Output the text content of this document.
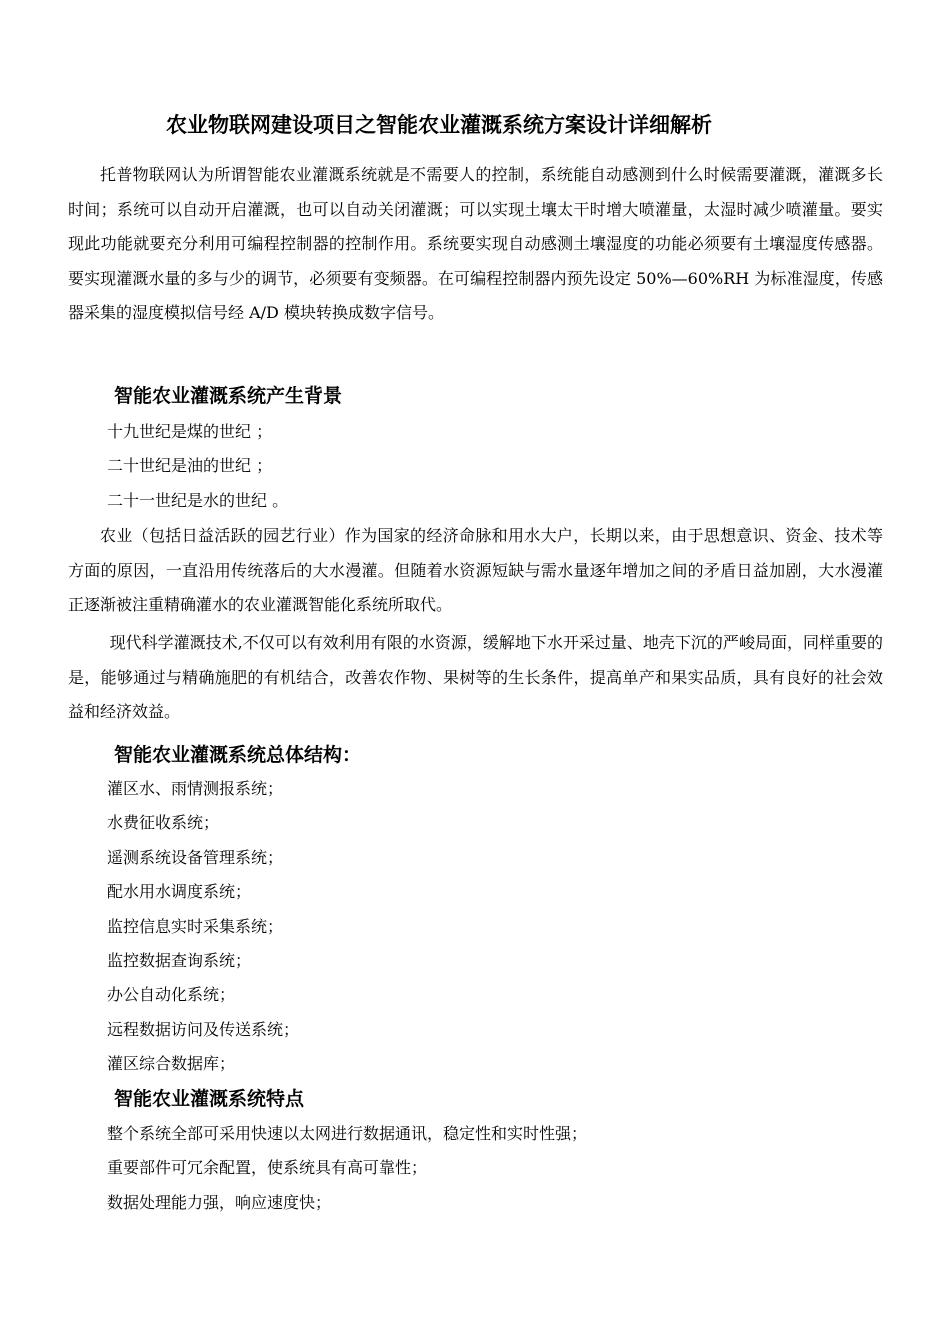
农业物联网建设项目之智能农业灌溉系统方案设计详细解析
托普物联网认为所谓智能农业灌溉系统就是不需要人的控制，系统能自动感测到什么时候需要灌溉，灌溉多长时间；系统可以自动开启灌溉，也可以自动关闭灌溉；可以实现土壤太干时增大喷灌量，太湿时减少喷灌量。要实现此功能就要充分利用可编程控制器的控制作用。系统要实现自动感测土壤湿度的功能必须要有土壤湿度传感器。要实现灌溉水量的多与少的调节，必须要有变频器。在可编程控制器内预先设定 50%—60%RH 为标准湿度，传感器采集的湿度模拟信号经 A/D 模块转换成数字信号。
智能农业灌溉系统产生背景
十九世纪是煤的世纪 ；
二十世纪是油的世纪 ；
二十一世纪是水的世纪 。
农业（包括日益活跃的园艺行业）作为国家的经济命脉和用水大户，长期以来，由于思想意识、资金、技术等方面的原因，一直沿用传统落后的大水漫灌。但随着水资源短缺与需水量逐年增加之间的矛盾日益加剧，大水漫灌正逐渐被注重精确灌水的农业灌溉智能化系统所取代。
现代科学灌溉技术,不仅可以有效利用有限的水资源，缓解地下水开采过量、地壳下沉的严峻局面，同样重要的是，能够通过与精确施肥的有机结合，改善农作物、果树等的生长条件，提高单产和果实品质，具有良好的社会效益和经济效益。
智能农业灌溉系统总体结构：
灌区水、雨情测报系统；
水费征收系统；
遥测系统设备管理系统；
配水用水调度系统；
监控信息实时采集系统；
监控数据查询系统；
办公自动化系统；
远程数据访问及传送系统；
灌区综合数据库；
智能农业灌溉系统特点
整个系统全部可采用快速以太网进行数据通讯，稳定性和实时性强；
重要部件可冗余配置，使系统具有高可靠性；
数据处理能力强，响应速度快；
